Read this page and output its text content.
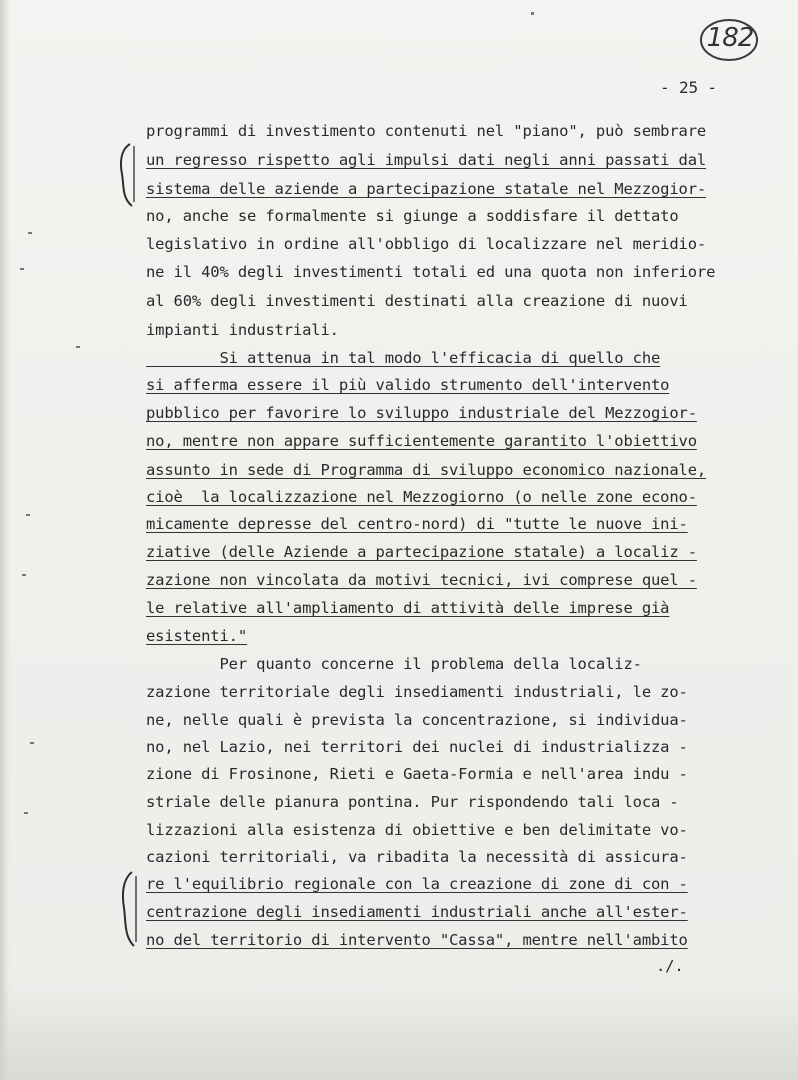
182
- 25 -
programmi di investimento contenuti nel "piano", può sembrare
un regresso rispetto agli impulsi dati negli anni passati dal
sistema delle aziende a partecipazione statale nel Mezzogior-
no, anche se formalmente si giunge a soddisfare il dettato
legislativo in ordine all'obbligo di localizzare nel meridio-
ne il 40% degli investimenti totali ed una quota non inferiore
al 60% degli investimenti destinati alla creazione di nuovi
impianti industriali.
Si attenua in tal modo l'efficacia di quello che
si afferma essere il più valido strumento dell'intervento
pubblico per favorire lo sviluppo industriale del Mezzogior-
no, mentre non appare sufficientemente garantito l'obiettivo
assunto in sede di Programma di sviluppo economico nazionale,
cioè  la localizzazione nel Mezzogiorno (o nelle zone econo-
micamente depresse del centro-nord) di "tutte le nuove ini-
ziative (delle Aziende a partecipazione statale) a localiz -
zazione non vincolata da motivi tecnici, ivi comprese quel -
le relative all'ampliamento di attività delle imprese già
esistenti."
Per quanto concerne il problema della localiz-
zazione territoriale degli insediamenti industriali, le zo-
ne, nelle quali è prevista la concentrazione, si individua-
no, nel Lazio, nei territori dei nuclei di industrializza -
zione di Frosinone, Rieti e Gaeta-Formia e nell'area indu -
striale delle pianura pontina. Pur rispondendo tali loca -
lizzazioni alla esistenza di obiettive e ben delimitate vo-
cazioni territoriali, va ribadita la necessità di assicura-
re l'equilibrio regionale con la creazione di zone di con -
centrazione degli insediamenti industriali anche all'ester-
no del territorio di intervento "Cassa", mentre nell'ambito
./.
